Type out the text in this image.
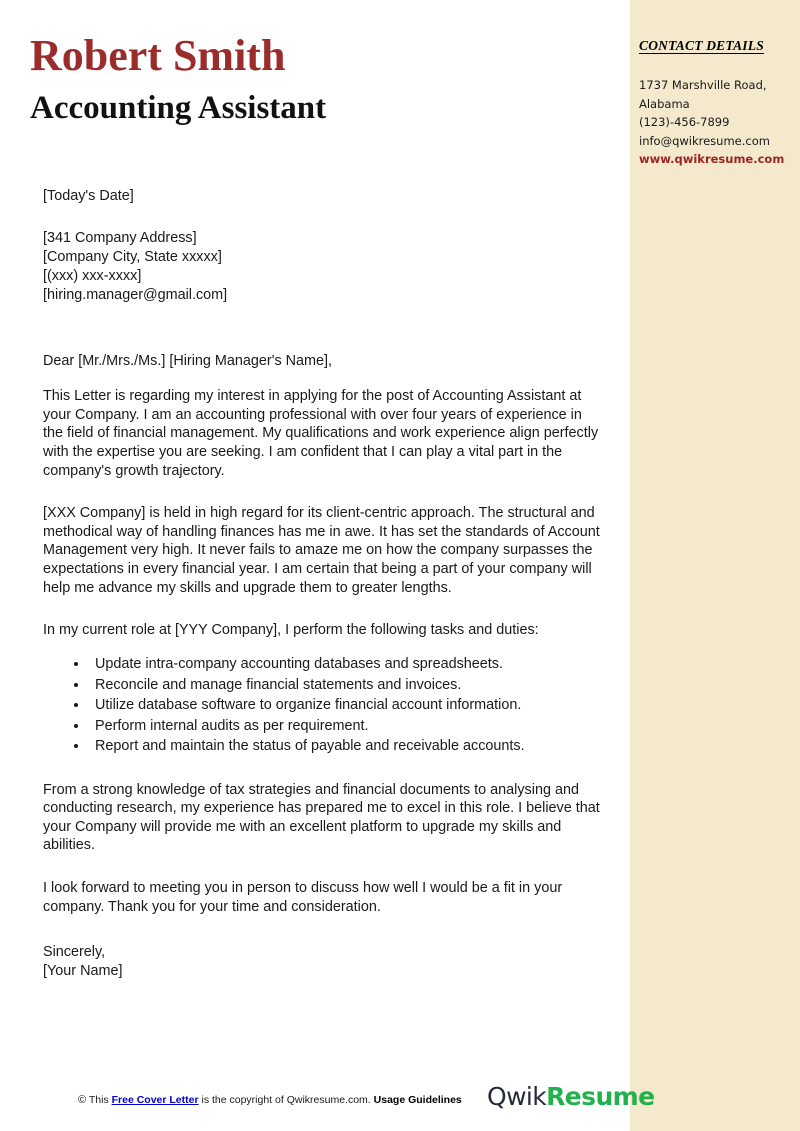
CONTACT DETAILS
1737 Marshville Road,
Alabama
(123)-456-7899
info@qwikresume.com
www.qwikresume.com
Robert Smith
Accounting Assistant
[Today's Date]
[341 Company Address]
[Company City, State xxxxx]
[(xxx) xxx-xxxx]
[hiring.manager@gmail.com]
Dear [Mr./Mrs./Ms.] [Hiring Manager's Name],

This Letter is regarding my interest in applying for the post of Accounting Assistant at your Company. I am an accounting professional with over four years of experience in the field of financial management. My qualifications and work experience align perfectly with the expertise you are seeking. I am confident that I can play a vital part in the company's growth trajectory.

[XXX Company] is held in high regard for its client-centric approach. The structural and methodical way of handling finances has me in awe. It has set the standards of Account Management very high. It never fails to amaze me on how the company surpasses the expectations in every financial year. I am certain that being a part of your company will help me advance my skills and upgrade them to greater lengths.

In my current role at [YYY Company], I perform the following tasks and duties:

Update intra-company accounting databases and spreadsheets.
Reconcile and manage financial statements and invoices.
Utilize database software to organize financial account information.
Perform internal audits as per requirement.
Report and maintain the status of payable and receivable accounts.

From a strong knowledge of tax strategies and financial documents to analysing and conducting research, my experience has prepared me to excel in this role. I believe that your Company will provide me with an excellent platform to upgrade my skills and abilities.

I look forward to meeting you in person to discuss how well I would be a fit in your company. Thank you for your time and consideration.

Sincerely,
[Your Name]
© This Free Cover Letter is the copyright of Qwikresume.com. Usage Guidelines QwikResume
